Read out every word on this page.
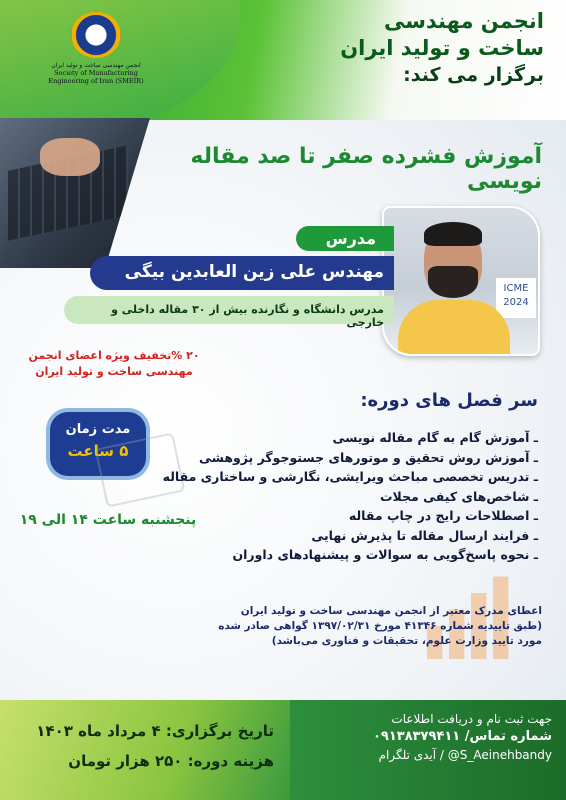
انجمن مهندسی ساخت و تولید ایران
Society of Manufacturing
Engineering of Iran (SMEIR)
انجمن مهندسی
ساخت و تولید ایران
برگزار می کند:
آموزش فشرده صفر تا صد مقاله نویسی
ICME 2024
مدرس
مهندس علی زین العابدین بیگی
مدرس دانشگاه و نگارنده بیش از ۳۰ مقاله داخلی و خارجی
۲۰ %تخفیف ویژه اعضای انجمن
مهندسی ساخت و تولید ایران
مدت زمان
۵ ساعت
پنجشنبه ساعت ۱۴ الی ۱۹
سر فصل های دوره:
ـ آموزش گام به گام مقاله نویسی
ـ آموزش روش تحقیق و موتورهای جستوجوگر پژوهشی
ـ تدریس تخصصی مباحث ویرایشی، نگارشی و ساختاری مقاله
ـ شاخص‌های کیفی مجلات
ـ اصطلاحات رایج در چاپ مقاله
ـ فرایند ارسال مقاله تا پذیرش نهایی
ـ نحوه پاسخ‌گویی به سوالات و پیشنهادهای داوران
اعطای مدرک معتبر از انجمن مهندسی ساخت و تولید ایران
(طبق تاییدیه شماره ۴۱۳۴۶ مورخ ۱۳۹۷/۰۲/۳۱ گواهی صادر شده
مورد تایید وزارت علوم، تحقیقات و فناوری می‌باشد)
تاریخ برگزاری: ۴ مرداد ماه ۱۴۰۳
هزینه دوره: ۲۵۰ هزار تومان
جهت ثبت نام و دریافت اطلاعات
شماره تماس/ ۰۹۱۳۸۳۷۹۴۱۱
آیدی تلگرام / @S_Aeinehbandy
